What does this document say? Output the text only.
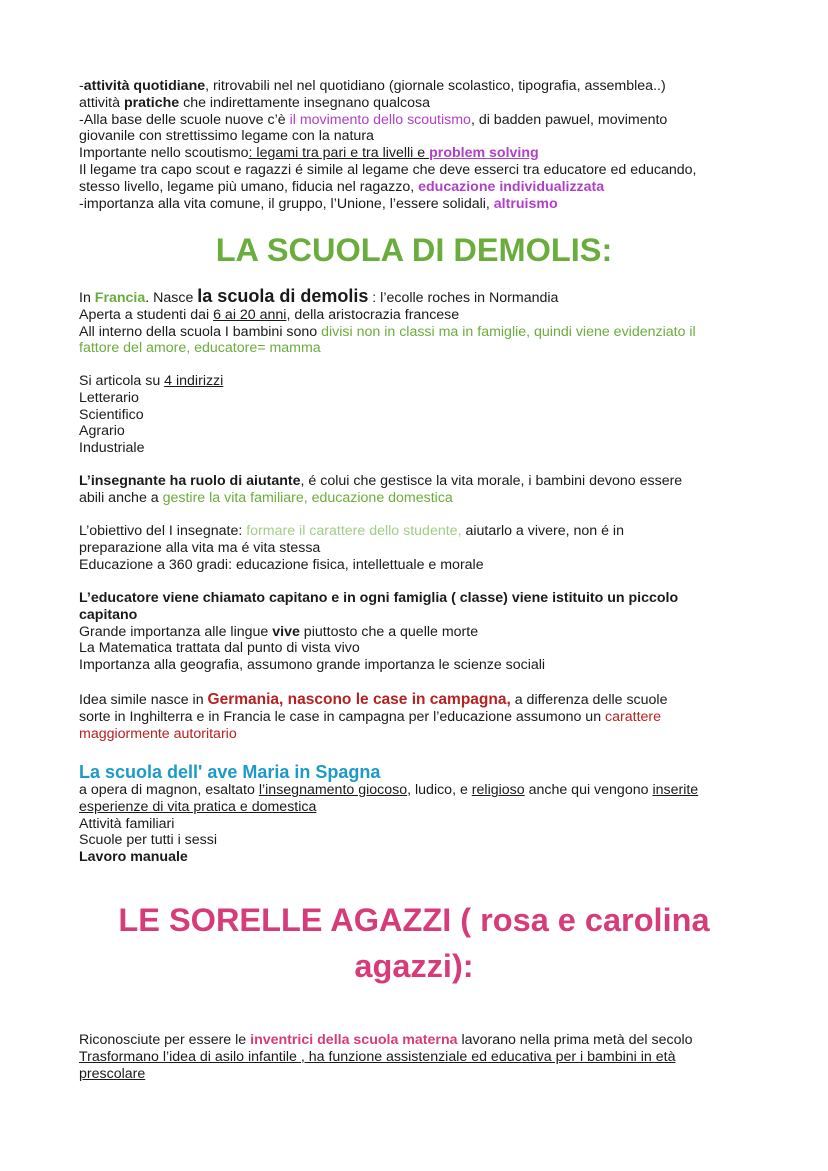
-attività quotidiane, ritrovabili nel nel quotidiano (giornale scolastico, tipografia, assemblea..)
attività pratiche che indirettamente insegnano qualcosa
-Alla base delle scuole nuove c’è il movimento dello scoutismo, di badden pawuel, movimento
giovanile con strettissimo legame con la natura
Importante nello scoutismo: legami tra pari e tra livelli e problem solving
Il legame tra capo scout e ragazzi é simile al legame che deve esserci tra educatore ed educando,
stesso livello, legame più umano, fiducia nel ragazzo, educazione individualizzata
-importanza alla vita comune, il gruppo, l’Unione, l’essere solidali, altruismo
LA SCUOLA DI DEMOLIS:
In Francia. Nasce la scuola di demolis : l’ecolle roches in Normandia
Aperta a studenti dai 6 ai 20 anni, della aristocrazia francese
All interno della scuola I bambini sono divisi non in classi ma in famiglie, quindi viene evidenziato il
fattore del amore, educatore= mamma
Si articola su 4 indirizzi
Letterario
Scientifico
Agrario
Industriale
L’insegnante ha ruolo di aiutante, é colui che gestisce la vita morale, i bambini devono essere
abili anche a gestire la vita familiare, educazione domestica
L’obiettivo del I insegnate: formare il carattere dello studente, aiutarlo a vivere, non é in
preparazione alla vita ma é vita stessa
Educazione a 360 gradi: educazione fisica, intellettuale e morale
L’educatore viene chiamato capitano e in ogni famiglia ( classe) viene istituito un piccolo
capitano
Grande importanza alle lingue vive piuttosto che a quelle morte
La Matematica trattata dal punto di vista vivo
Importanza alla geografia, assumono grande importanza le scienze sociali
Idea simile nasce in Germania, nascono le case in campagna, a differenza delle scuole
sorte in Inghilterra e in Francia le case in campagna per l’educazione assumono un carattere
maggiormente autoritario
La scuola dell' ave Maria in Spagna
a opera di magnon, esaltato l’insegnamento giocoso, ludico, e religioso anche qui vengono inserite
esperienze di vita pratica e domestica
Attività familiari
Scuole per tutti i sessi
Lavoro manuale
LE SORELLE AGAZZI ( rosa e carolina
agazzi):
Riconosciute per essere le inventrici della scuola materna lavorano nella prima metà del secolo
Trasformano l’idea di asilo infantile , ha funzione assistenziale ed educativa per i bambini in età
prescolare
